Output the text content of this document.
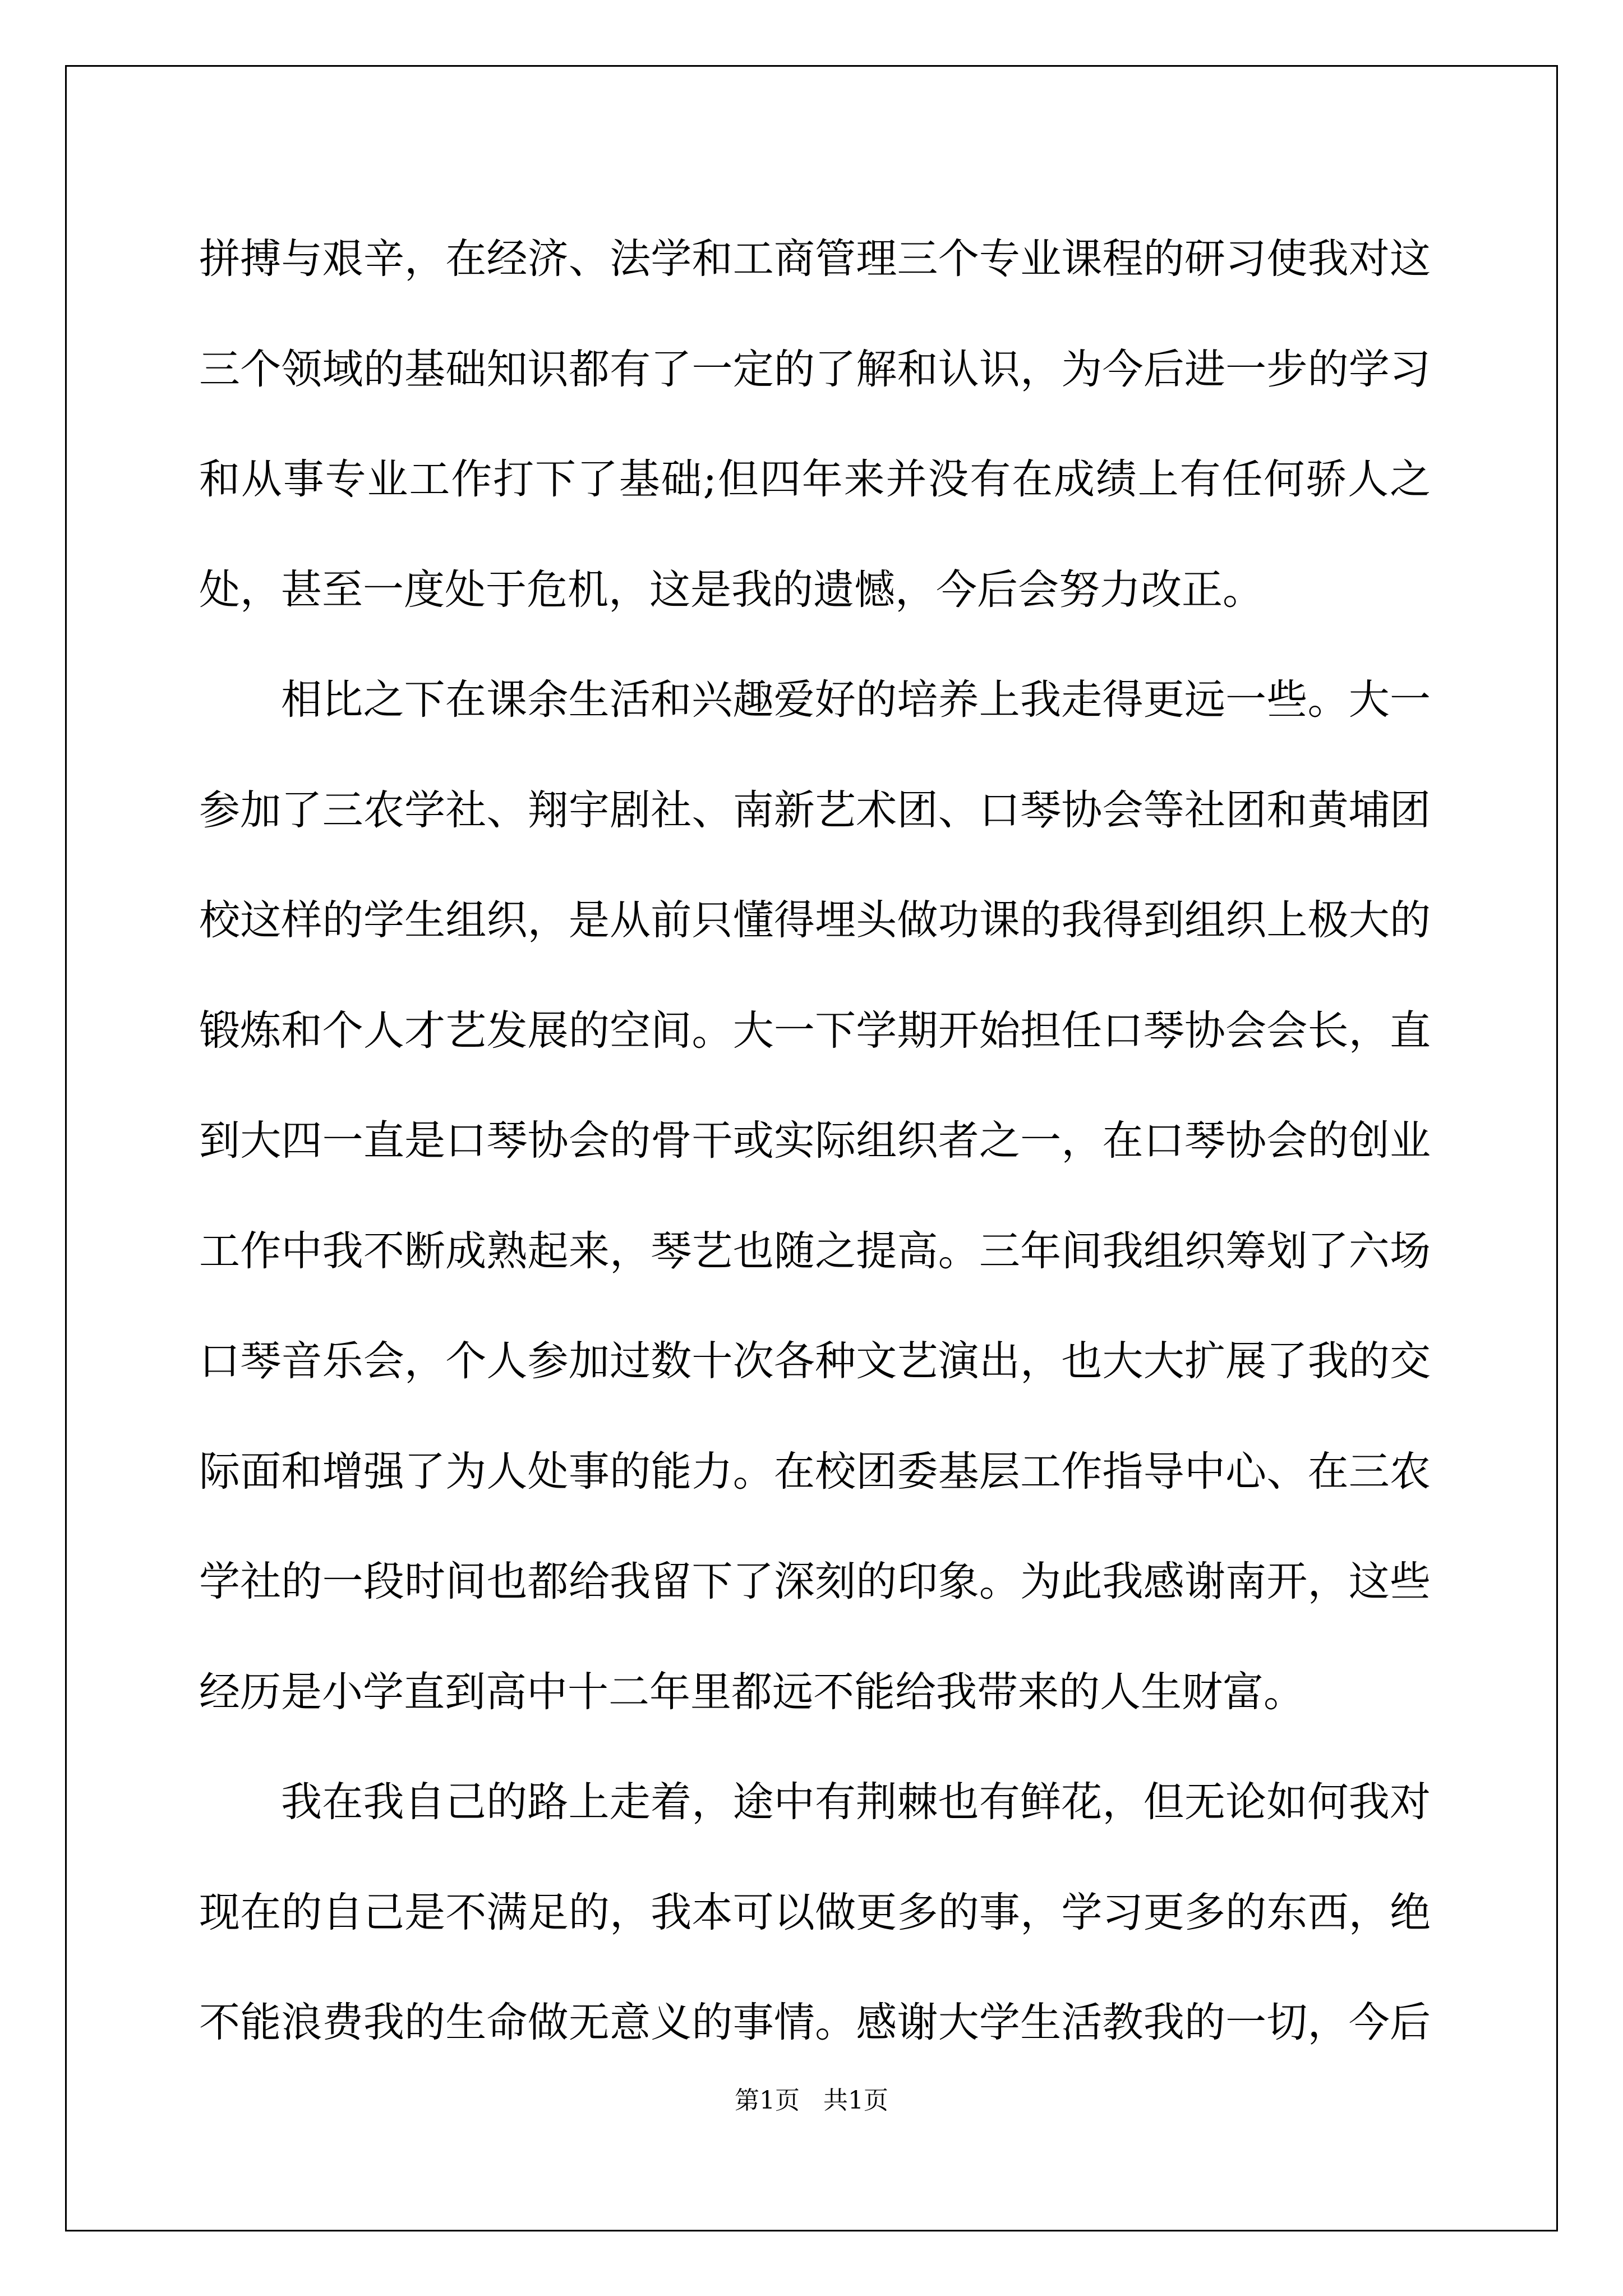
拼搏与艰辛，在经济、法学和工商管理三个专业课程的研习使我对这
三个领域的基础知识都有了一定的了解和认识，为今后进一步的学习
和从事专业工作打下了基础;但四年来并没有在成绩上有任何骄人之
处，甚至一度处于危机，这是我的遗憾，今后会努力改正。
相比之下在课余生活和兴趣爱好的培养上我走得更远一些。大一
参加了三农学社、翔宇剧社、南新艺术团、口琴协会等社团和黄埔团
校这样的学生组织，是从前只懂得埋头做功课的我得到组织上极大的
锻炼和个人才艺发展的空间。大一下学期开始担任口琴协会会长，直
到大四一直是口琴协会的骨干或实际组织者之一，在口琴协会的创业
工作中我不断成熟起来，琴艺也随之提高。三年间我组织筹划了六场
口琴音乐会，个人参加过数十次各种文艺演出，也大大扩展了我的交
际面和增强了为人处事的能力。在校团委基层工作指导中心、在三农
学社的一段时间也都给我留下了深刻的印象。为此我感谢南开，这些
经历是小学直到高中十二年里都远不能给我带来的人生财富。
我在我自己的路上走着，途中有荆棘也有鲜花，但无论如何我对
现在的自己是不满足的，我本可以做更多的事，学习更多的东西，绝
不能浪费我的生命做无意义的事情。感谢大学生活教我的一切，今后
第1页 共1页
